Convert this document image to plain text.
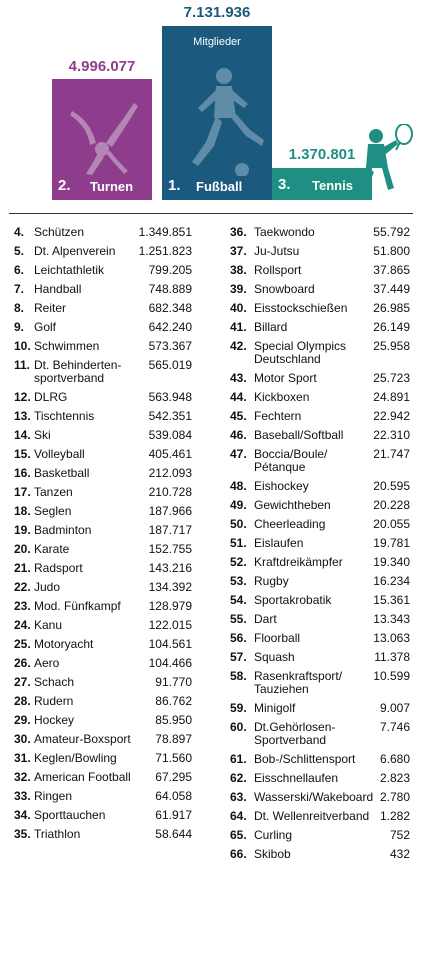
4.996.077
2. Turnen
7.131.936
Mitglieder
1. Fußball
1.370.801
3. Tennis
4. Schützen	1.349.851
5. Dt. Alpenverein	1.251.823
6. Leichtathletik	799.205
7. Handball	748.889
8. Reiter	682.348
9. Golf	642.240
10. Schwimmen	573.367
11. Dt. Behinderten-sportverband
565.019
12. DLRG	563.948
13. Tischtennis	542.351
14. Ski	539.084
15. Volleyball	405.461
16. Basketball	212.093
17. Tanzen	210.728
18. Seglen	187.966
19. Badminton	187.717
20. Karate	152.755
21. Radsport	143.216
22. Judo	134.392
23. Mod. Fünfkampf	128.979
24. Kanu	122.015
25. Motoryacht	104.561
26. Aero	104.466
27. Schach	91.770
28. Rudern	86.762
29. Hockey	85.950
30. Amateur-Boxsport	78.897
31. Keglen/Bowling	71.560
32. American Football	67.295
33. Ringen	64.058
34. Sporttauchen	61.917
35. Triathlon	58.644
36. Taekwondo	55.792
37. Ju-Jutsu	51.800
38. Rollsport	37.865
39. Snowboard	37.449
40. Eisstockschießen	26.985
41. Billard	26.149
42. Special Olympics Deutschland
25.958
43. Motor Sport	25.723
44. Kickboxen	24.891
45. Fechtern	22.942
46. Baseball/Softball	22.310
47. Boccia/Boule/ Pétanque
21.747
48. Eishockey	20.595
49. Gewichtheben	20.228
50. Cheerleading	20.055
51. Eislaufen	19.781
52. Kraftdreikämpfer	19.340
53. Rugby	16.234
54. Sportakrobatik	15.361
55. Dart	13.343
56. Floorball	13.063
57. Squash	11.378
58. Rasenkraftsport/ Tauziehen
10.599
59. Minigolf	9.007
60. Dt.Gehörlosen-Sportverband
7.746
61. Bob-/Schlittensport	6.680
62. Eisschnellaufen	2.823
63. Wasserski/Wakeboard 2.780
64. Dt. Wellenreitverband 1.282
65. Curling	752
66. Skibob	432
